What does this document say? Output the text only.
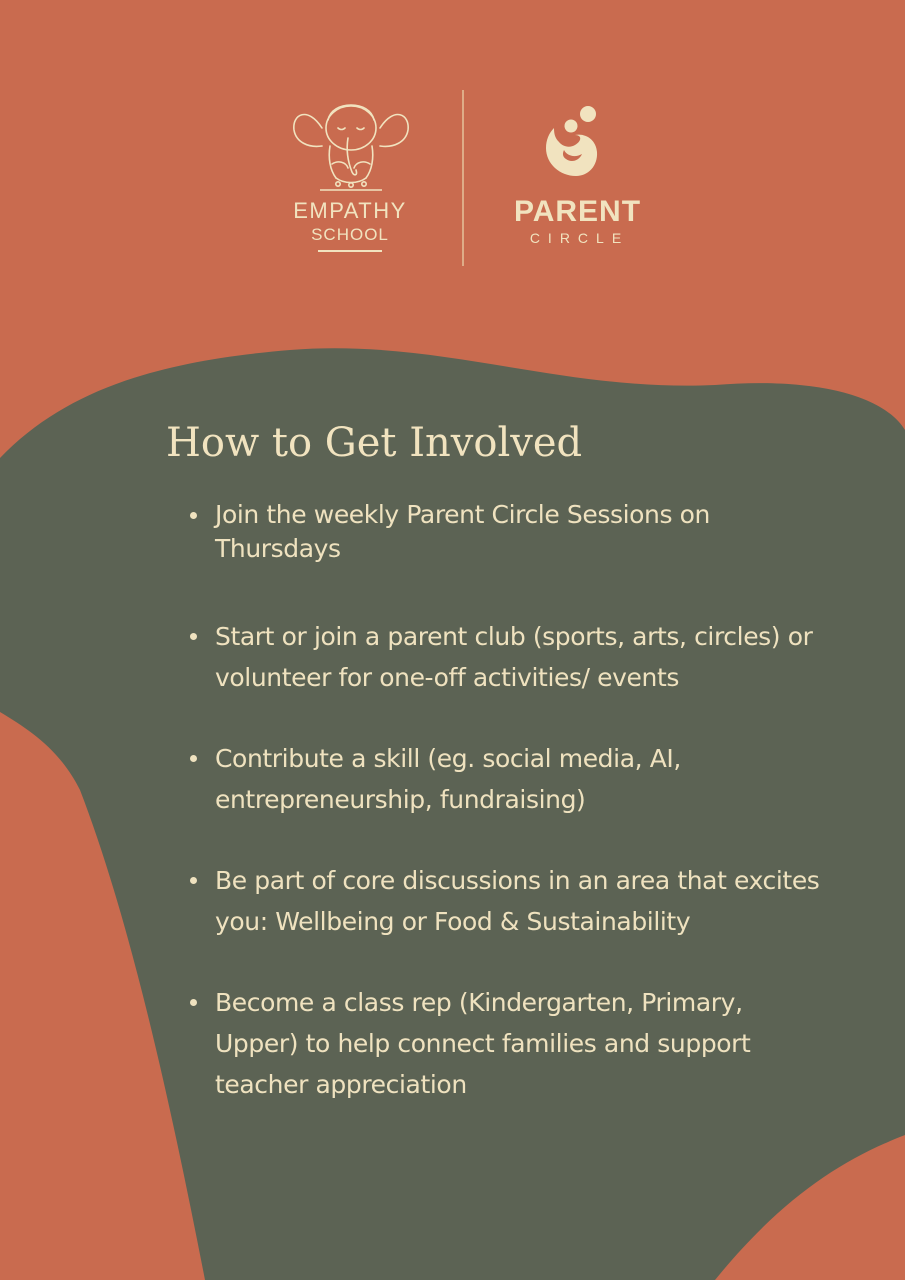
EMPATHY
SCHOOL
PARENT
CIRCLE
How to Get Involved
Join the weekly Parent Circle Sessions on Thursdays
Start or join a parent club (sports, arts, circles) or volunteer for one-off activities/ events
Contribute a skill (eg. social media, AI, entrepreneurship, fundraising)
Be part of core discussions in an area that excites you: Wellbeing or Food & Sustainability
Become a class rep (Kindergarten, Primary, Upper) to help connect families and support teacher appreciation
